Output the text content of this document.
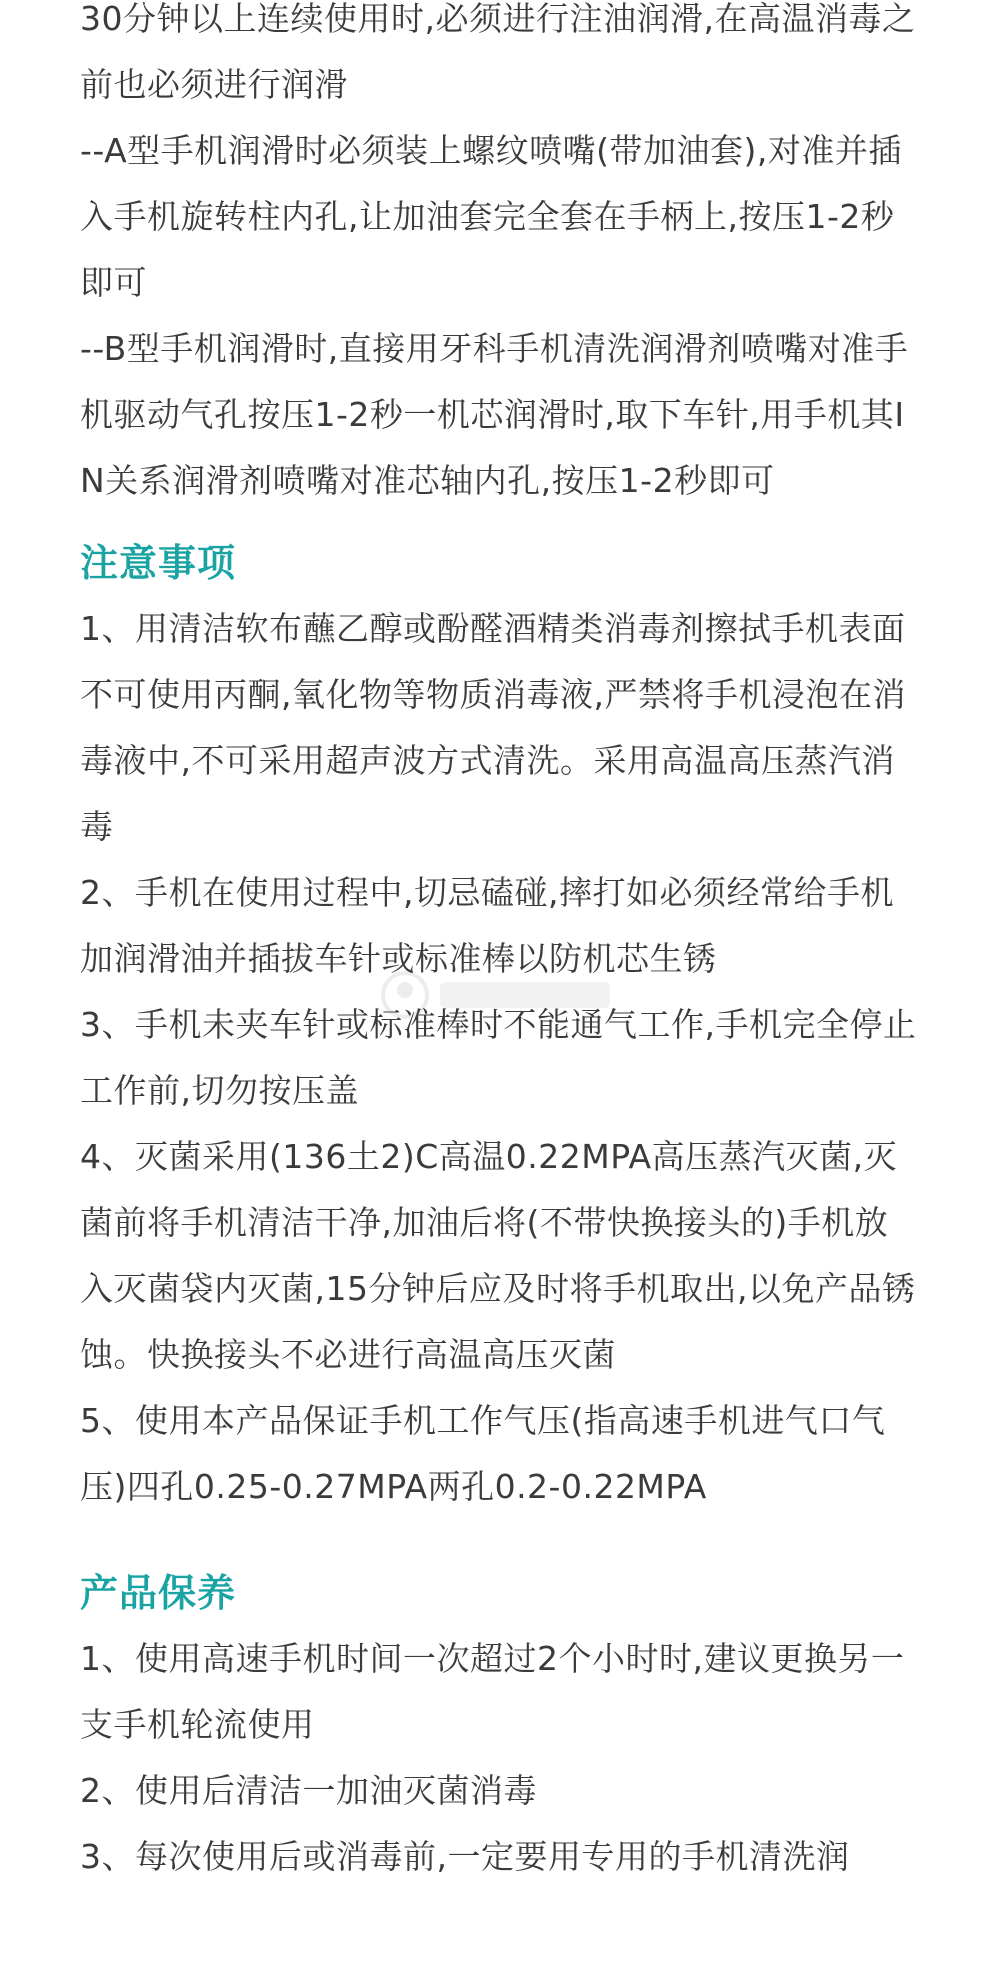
30分钟以上连续使用时,必须进行注油润滑,在高温消毒之前也必须进行润滑

--A型手机润滑时必须装上螺纹喷嘴(带加油套),对准并插入手机旋转柱内孔,让加油套完全套在手柄上,按压1-2秒即可

--B型手机润滑时,直接用牙科手机清洗润滑剂喷嘴对准手机驱动气孔按压1-2秒一机芯润滑时,取下车针,用手机其IN关系润滑剂喷嘴对准芯轴内孔,按压1-2秒即可

注意事项

1、用清洁软布蘸乙醇或酚醛酒精类消毒剂擦拭手机表面不可使用丙酮,氧化物等物质消毒液,严禁将手机浸泡在消毒液中,不可采用超声波方式清洗。采用高温高压蒸汽消毒

2、手机在使用过程中,切忌磕碰,摔打如必须经常给手机加润滑油并插拔车针或标准棒以防机芯生锈

3、手机未夹车针或标准棒时不能通气工作,手机完全停止工作前,切勿按压盖

4、灭菌采用(136土2)C高温0.22MPA高压蒸汽灭菌,灭菌前将手机清洁干净,加油后将(不带快换接头的)手机放入灭菌袋内灭菌,15分钟后应及时将手机取出,以免产品锈蚀。快换接头不必进行高温高压灭菌

5、使用本产品保证手机工作气压(指高速手机进气口气压)四孔0.25-0.27MPA两孔0.2-0.22MPA

产品保养

1、使用高速手机时间一次超过2个小时时,建议更换另一支手机轮流使用

2、使用后清洁一加油灭菌消毒

3、每次使用后或消毒前,一定要用专用的手机清洗润
